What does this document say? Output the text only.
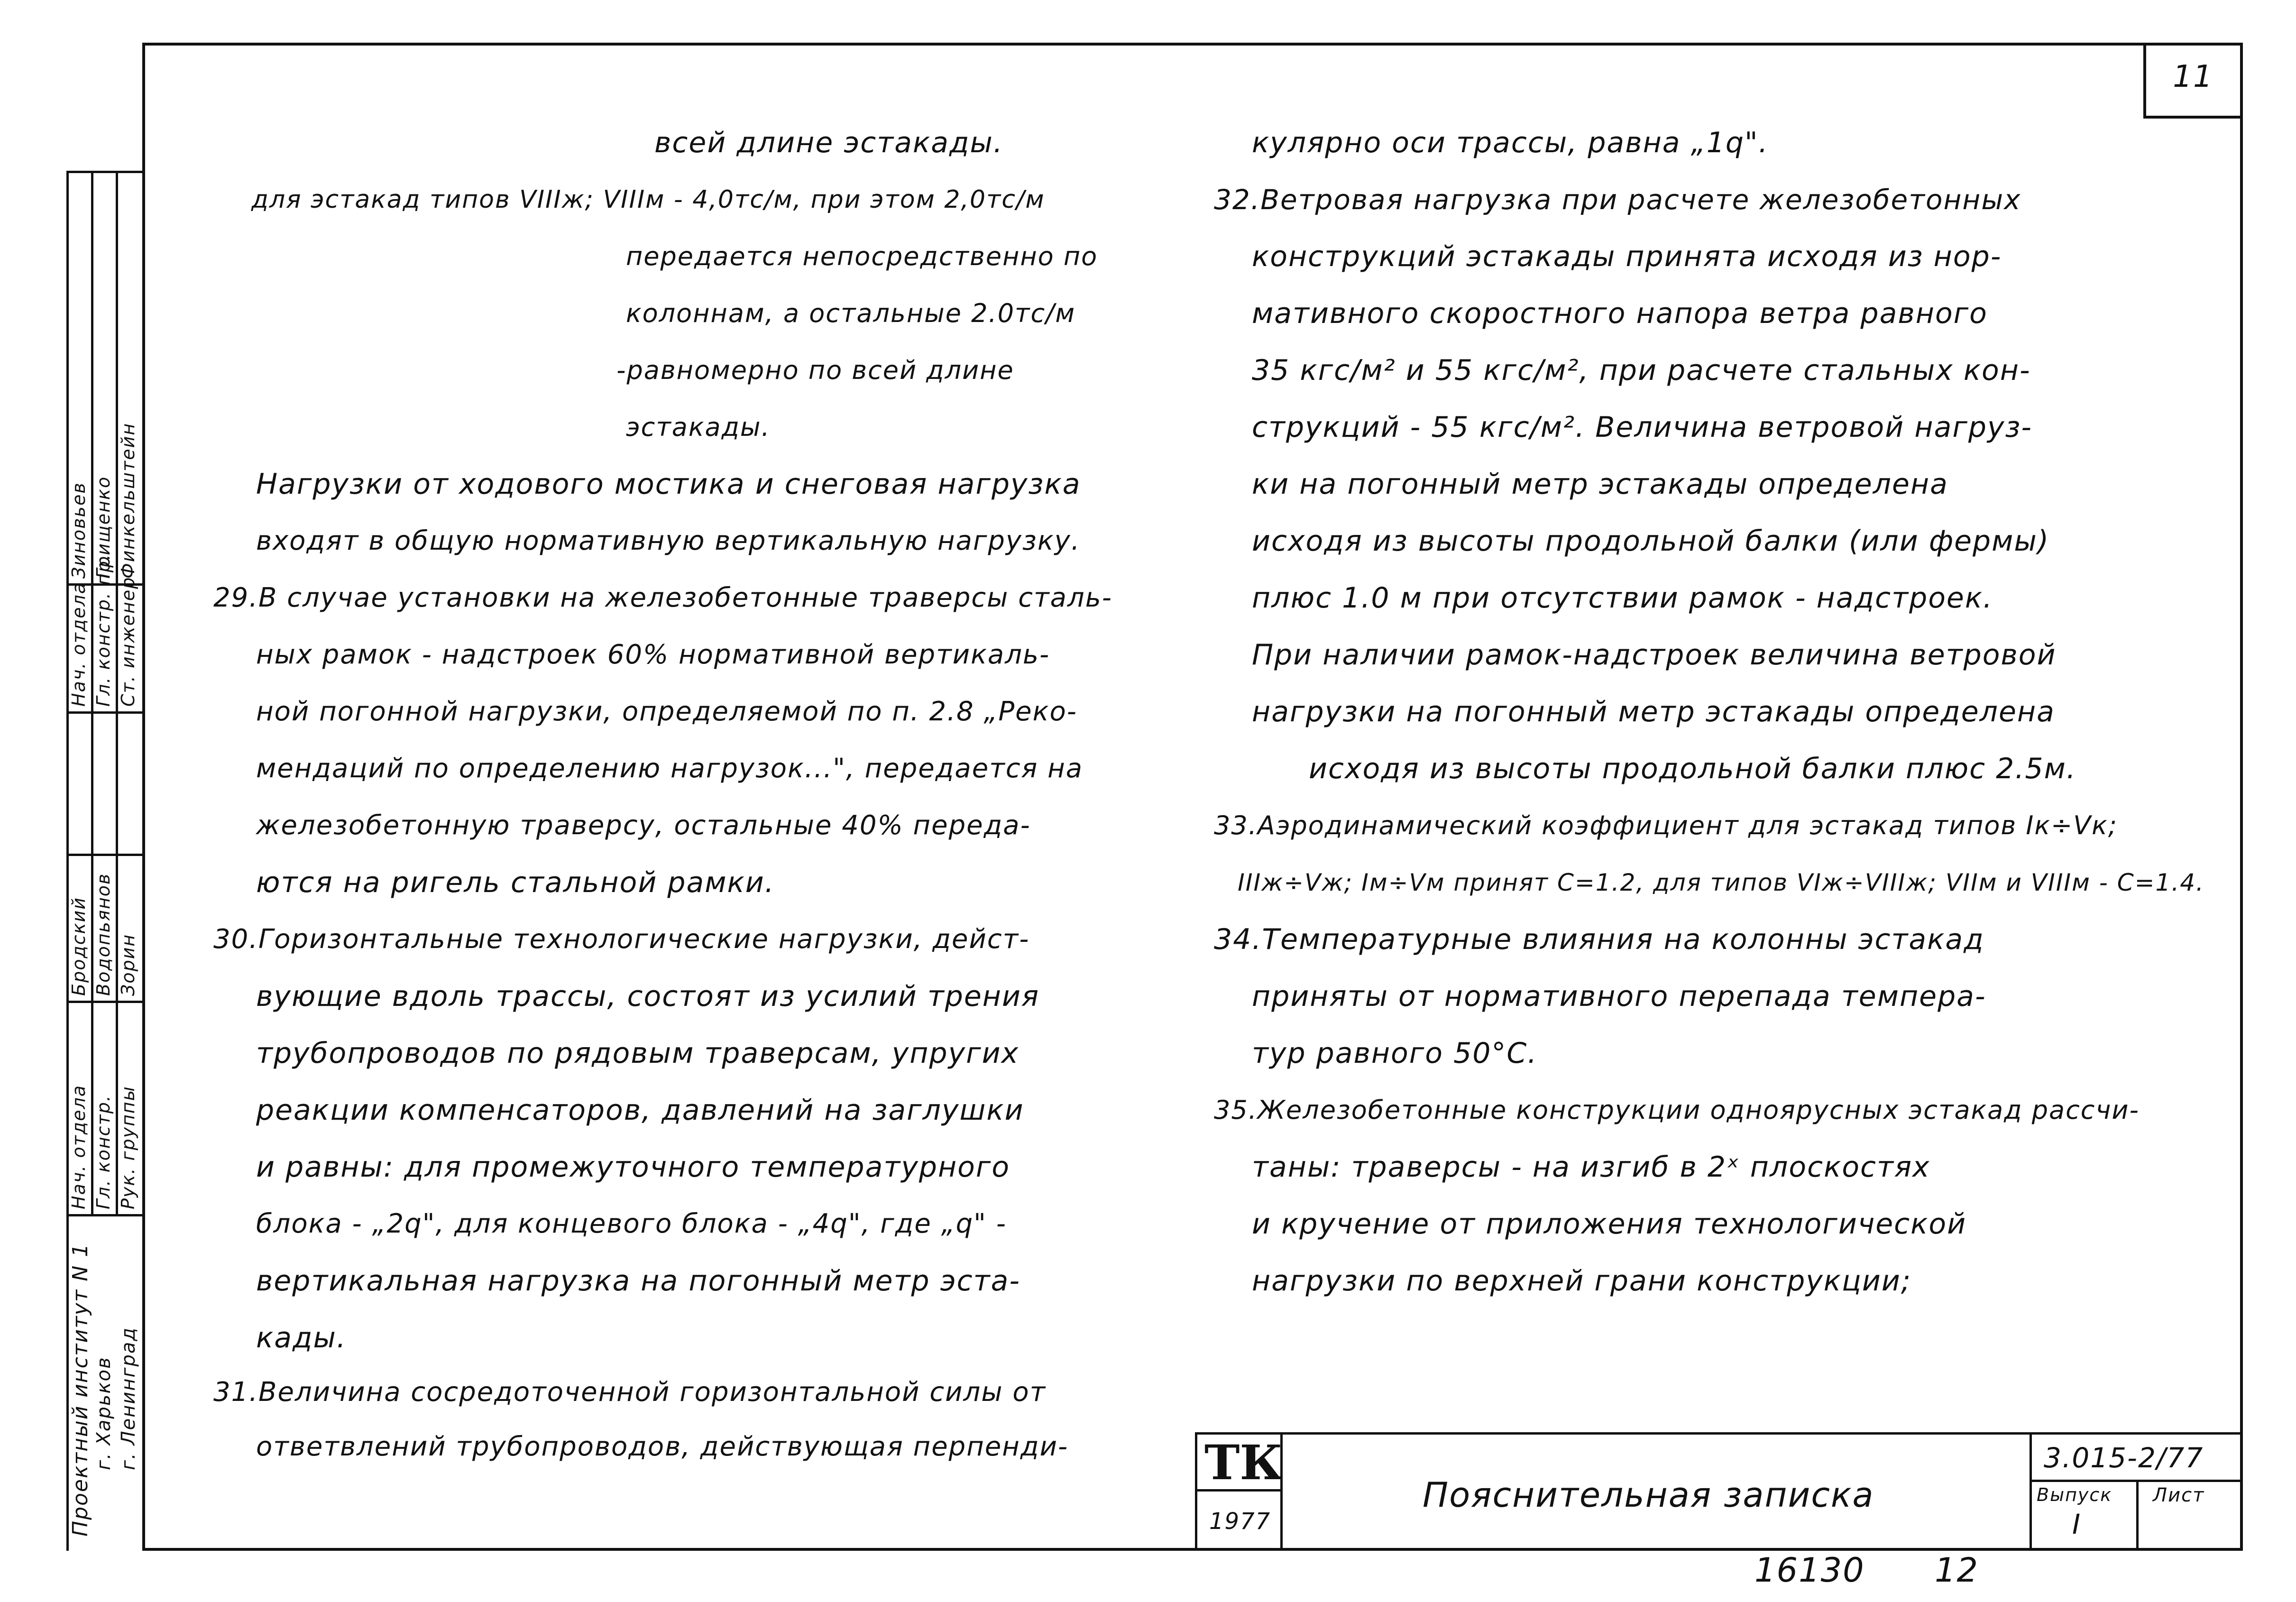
11
Нач. отдела Гл. констр. Рук. группы
Бродский Водопьянов Зорин
Нач. отдела Гл. констр. пр. Ст. инженер
Зиновьев Грищенко Финкельштейн
Проектный институт N 1 г. Харьков г. Ленинград
всей длине эстакады.
для эстакад типов VIIIж; VIIIм - 4,0тс/м, при этом 2,0тс/м
передается непосредственно по
колоннам, а остальные 2.0тс/м
-равномерно по всей длине
эстакады.
Нагрузки от ходового мостика и снеговая нагрузка
входят в общую нормативную вертикальную нагрузку.
29.В случае установки на железобетонные траверсы сталь-
ных рамок - надстроек 60% нормативной вертикаль-
ной погонной нагрузки, определяемой по п. 2.8 „Реко-
мендаций по определению нагрузок...", передается на
железобетонную траверсу, остальные 40% переда-
ются на ригель стальной рамки.
30.Горизонтальные технологические нагрузки, дейст-
вующие вдоль трассы, состоят из усилий трения
трубопроводов по рядовым траверсам, упругих
реакции компенсаторов, давлений на заглушки
и равны: для промежуточного температурного
блока - „2q", для концевого блока - „4q", где „q" -
вертикальная нагрузка на погонный метр эста-
кады.
31.Величина сосредоточенной горизонтальной силы от
ответвлений трубопроводов, действующая перпенди-
кулярно оси трассы, равна „1q".
32.Ветровая нагрузка при расчете железобетонных
конструкций эстакады принята исходя из нор-
мативного скоростного напора ветра равного
35 кгс/м² и 55 кгс/м², при расчете стальных кон-
струкций - 55 кгс/м². Величина ветровой нагруз-
ки на погонный метр эстакады определена
исходя из высоты продольной балки (или фермы)
плюс 1.0 м при отсутствии рамок - надстроек.
При наличии рамок-надстроек величина ветровой
нагрузки на погонный метр эстакады определена
исходя из высоты продольной балки плюс 2.5м.
33.Аэродинамический коэффициент для эстакад типов Iк÷Vк;
IIIж÷Vж; Iм÷Vм принят C=1.2, для типов VIж÷VIIIж; VIIм и VIIIм - C=1.4.
34.Температурные влияния на колонны эстакад
приняты от нормативного перепада темпера-
тур равного 50°C.
35.Железобетонные конструкции одноярусных эстакад рассчи-
таны: траверсы - на изгиб в 2ˣ плоскостях
и кручение от приложения технологической
нагрузки по верхней грани конструкции;
ТК
1977
Пояснительная записка
3.015-2/77
Выпуск
I
Лист
16130 12
